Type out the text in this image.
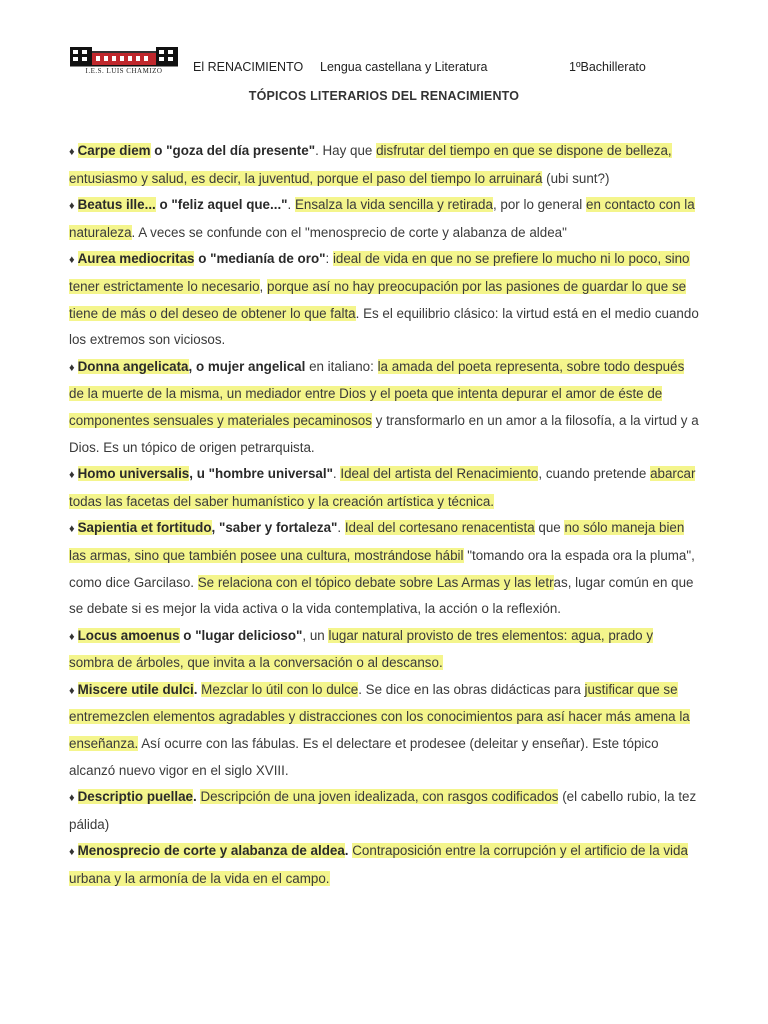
I.E.S. LUIS CHAMIZO	El RENACIMIENTO Lengua castellana y Literatura	1ºBachillerato
TÓPICOS LITERARIOS DEL RENACIMIENTO

♦ Carpe diem o "goza del día presente". Hay que disfrutar del tiempo en que se dispone de belleza, entusiasmo y salud, es decir, la juventud, porque el paso del tiempo lo arruinará (ubi sunt?)

♦ Beatus ille... o "feliz aquel que...". Ensalza la vida sencilla y retirada, por lo general en contacto con la naturaleza. A veces se confunde con el "menosprecio de corte y alabanza de aldea"

♦ Aurea mediocritas o "medianía de oro": ideal de vida en que no se prefiere lo mucho ni lo poco, sino tener estrictamente lo necesario, porque así no hay preocupación por las pasiones de guardar lo que se tiene de más o del deseo de obtener lo que falta. Es el equilibrio clásico: la virtud está en el medio cuando los extremos son viciosos.

♦ Donna angelicata, o mujer angelical en italiano: la amada del poeta representa, sobre todo después de la muerte de la misma, un mediador entre Dios y el poeta que intenta depurar el amor de éste de componentes sensuales y materiales pecaminosos y transformarlo en un amor a la filosofía, a la virtud y a Dios. Es un tópico de origen petrarquista.

♦ Homo universalis, u "hombre universal". Ideal del artista del Renacimiento, cuando pretende abarcar todas las facetas del saber humanístico y la creación artística y técnica.

♦ Sapientia et fortitudo, "saber y fortaleza". Ideal del cortesano renacentista que no sólo maneja bien las armas, sino que también posee una cultura, mostrándose hábil "tomando ora la espada ora la pluma", como dice Garcilaso. Se relaciona con el tópico debate sobre Las Armas y las letras, lugar común en que se debate si es mejor la vida activa o la vida contemplativa, la acción o la reflexión.

♦ Locus amoenus o "lugar delicioso", un lugar natural provisto de tres elementos: agua, prado y sombra de árboles, que invita a la conversación o al descanso.

♦ Miscere utile dulci. Mezclar lo útil con lo dulce. Se dice en las obras didácticas para justificar que se entremezclen elementos agradables y distracciones con los conocimientos para así hacer más amena la enseñanza. Así ocurre con las fábulas. Es el delectare et prodesee (deleitar y enseñar). Este tópico alcanzó nuevo vigor en el siglo XVIII.

♦ Descriptio puellae. Descripción de una joven idealizada, con rasgos codificados (el cabello rubio, la tez pálida)

♦ Menosprecio de corte y alabanza de aldea. Contraposición entre la corrupción y el artificio de la vida urbana y la armonía de la vida en el campo.
